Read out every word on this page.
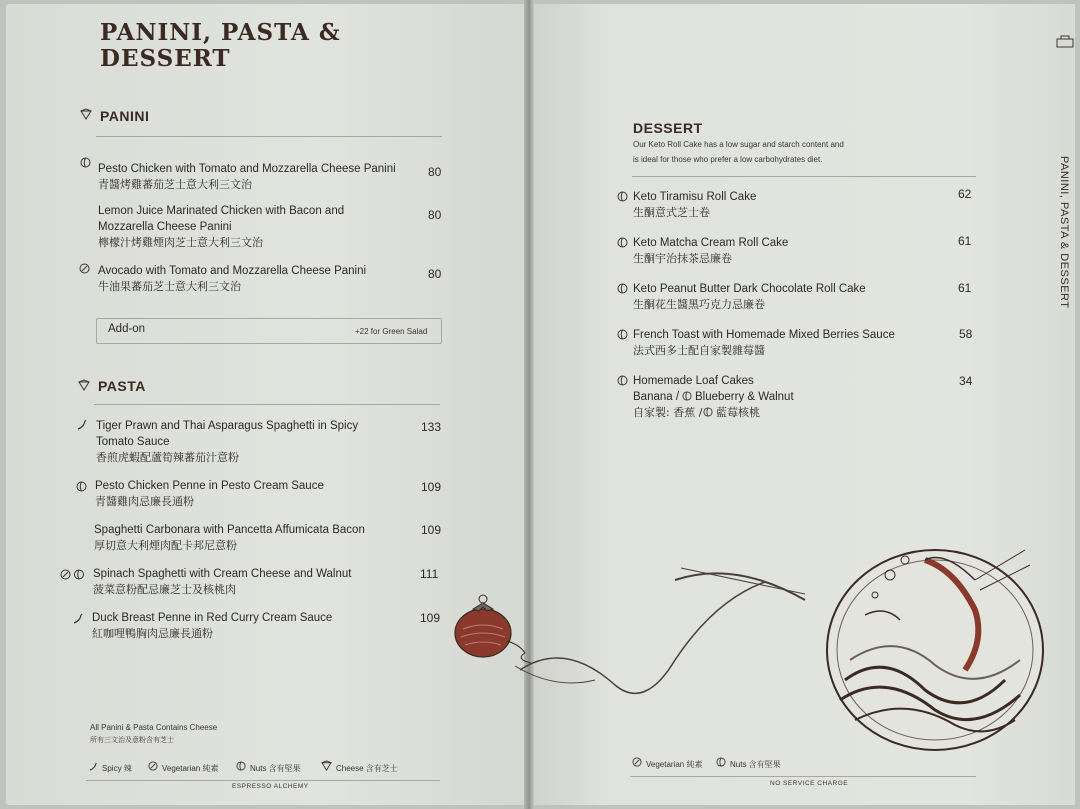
PANINI, PASTA & DESSERT
PANINI
Pesto Chicken with Tomato and Mozzarella Cheese Panini
青醬烤雞蕃茄芝士意大利三文治
80
Lemon Juice Marinated Chicken with Bacon and
Mozzarella Cheese Panini
檸檬汁烤雞煙肉芝士意大利三文治
80
Avocado with Tomato and Mozzarella Cheese Panini
牛油果蕃茄芝士意大利三文治
80
Add-on	+22 for Green Salad
PASTA
Tiger Prawn and Thai Asparagus Spaghetti in Spicy
Tomato Sauce
香煎虎蝦配蘆筍辣蕃茄汁意粉
133
Pesto Chicken Penne in Pesto Cream Sauce
青醬雞肉忌廉長通粉
109
Spaghetti Carbonara with Pancetta Affumicata Bacon
厚切意大利煙肉配卡邦尼意粉
109
Spinach Spaghetti with Cream Cheese and Walnut
菠菜意粉配忌廉芝士及核桃肉
111
Duck Breast Penne in Red Curry Cream Sauce
紅咖哩鴨胸肉忌廉長通粉
109
All Panini & Pasta Contains Cheese
所有三文治及意粉含有芝士
Spicy 辣	Vegetarian 純素	Nuts 含有堅果	Cheese 含有芝士
ESPRESSO ALCHEMY
PANINI, PASTA & DESSERT
DESSERT
Our Keto Roll Cake has a low sugar and starch content and
is ideal for those who prefer a low carbohydrates diet.
Keto Tiramisu Roll Cake
生酮意式芝士卷
62
Keto Matcha Cream Roll Cake
生酮宇治抹茶忌廉卷
61
Keto Peanut Butter Dark Chocolate Roll Cake
生酮花生醬黑巧克力忌廉卷
61
French Toast with Homemade Mixed Berries Sauce
法式西多士配自家製雜莓醬
58
Homemade Loaf Cakes
Banana / Blueberry & Walnut
自家製: 香蕉 / 藍莓核桃
34
Vegetarian 純素	Nuts 含有堅果
NO SERVICE CHARGE
